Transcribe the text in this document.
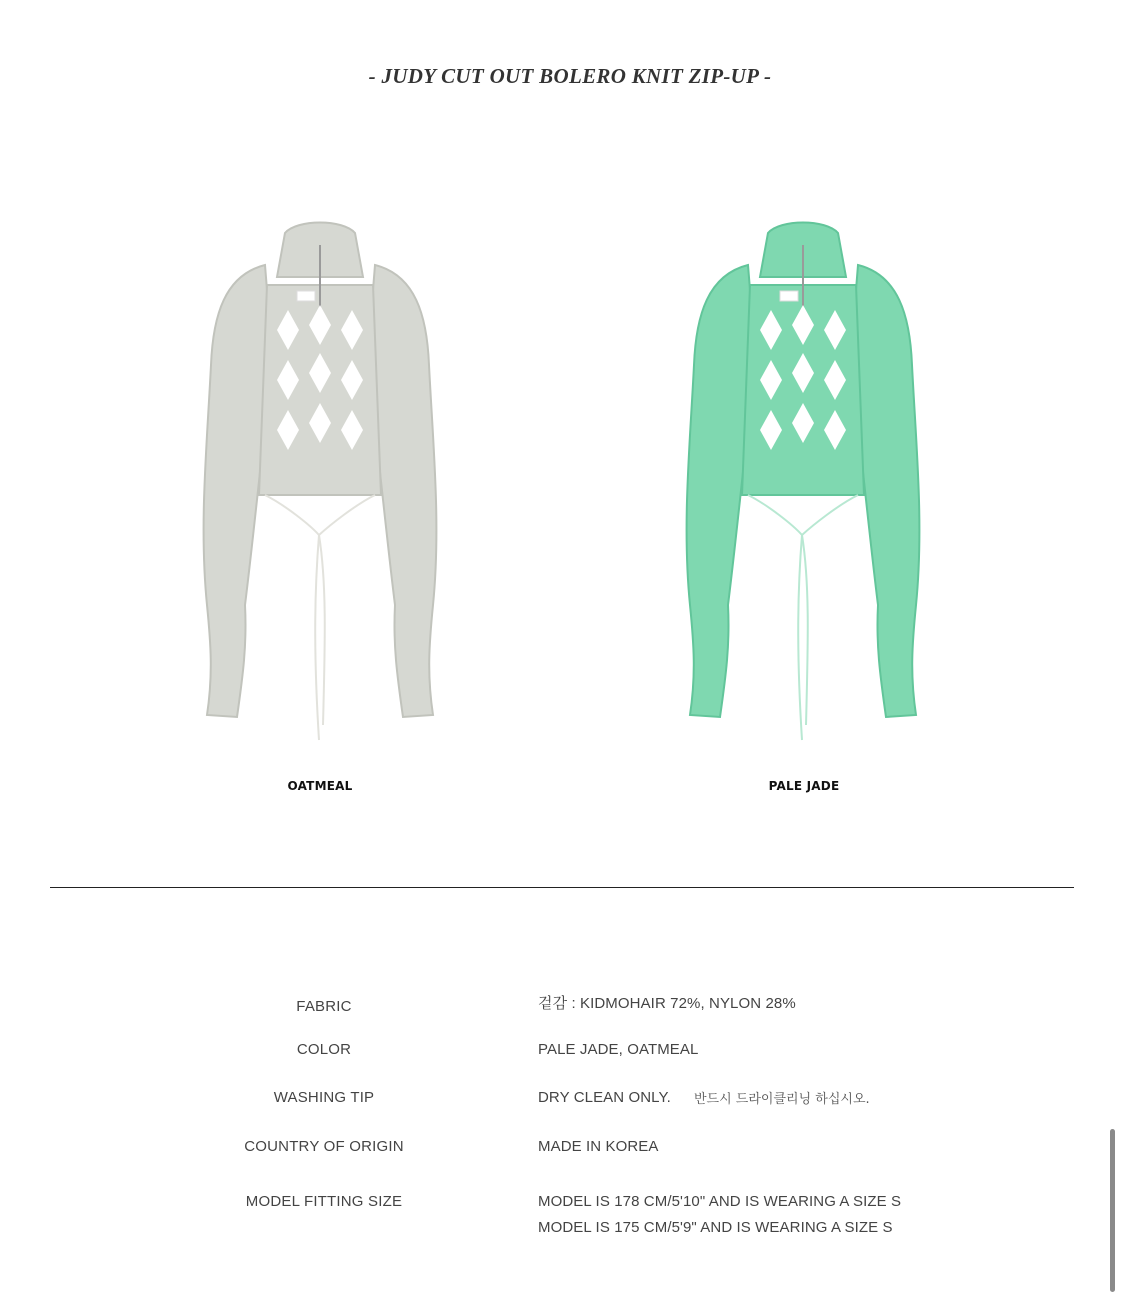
- JUDY CUT OUT BOLERO KNIT ZIP-UP -
OATMEAL	PALE JADE
FABRIC	겉감 : KIDMOHAIR 72%, NYLON 28%
COLOR	PALE JADE, OATMEAL
WASHING TIP	DRY CLEAN ONLY. 반드시 드라이클리닝 하십시오.
COUNTRY OF ORIGIN	MADE IN KOREA
MODEL FITTING SIZE	MODEL IS 178 CM/5'10" AND IS WEARING A SIZE S
MODEL IS 175 CM/5'9" AND IS WEARING A SIZE S
